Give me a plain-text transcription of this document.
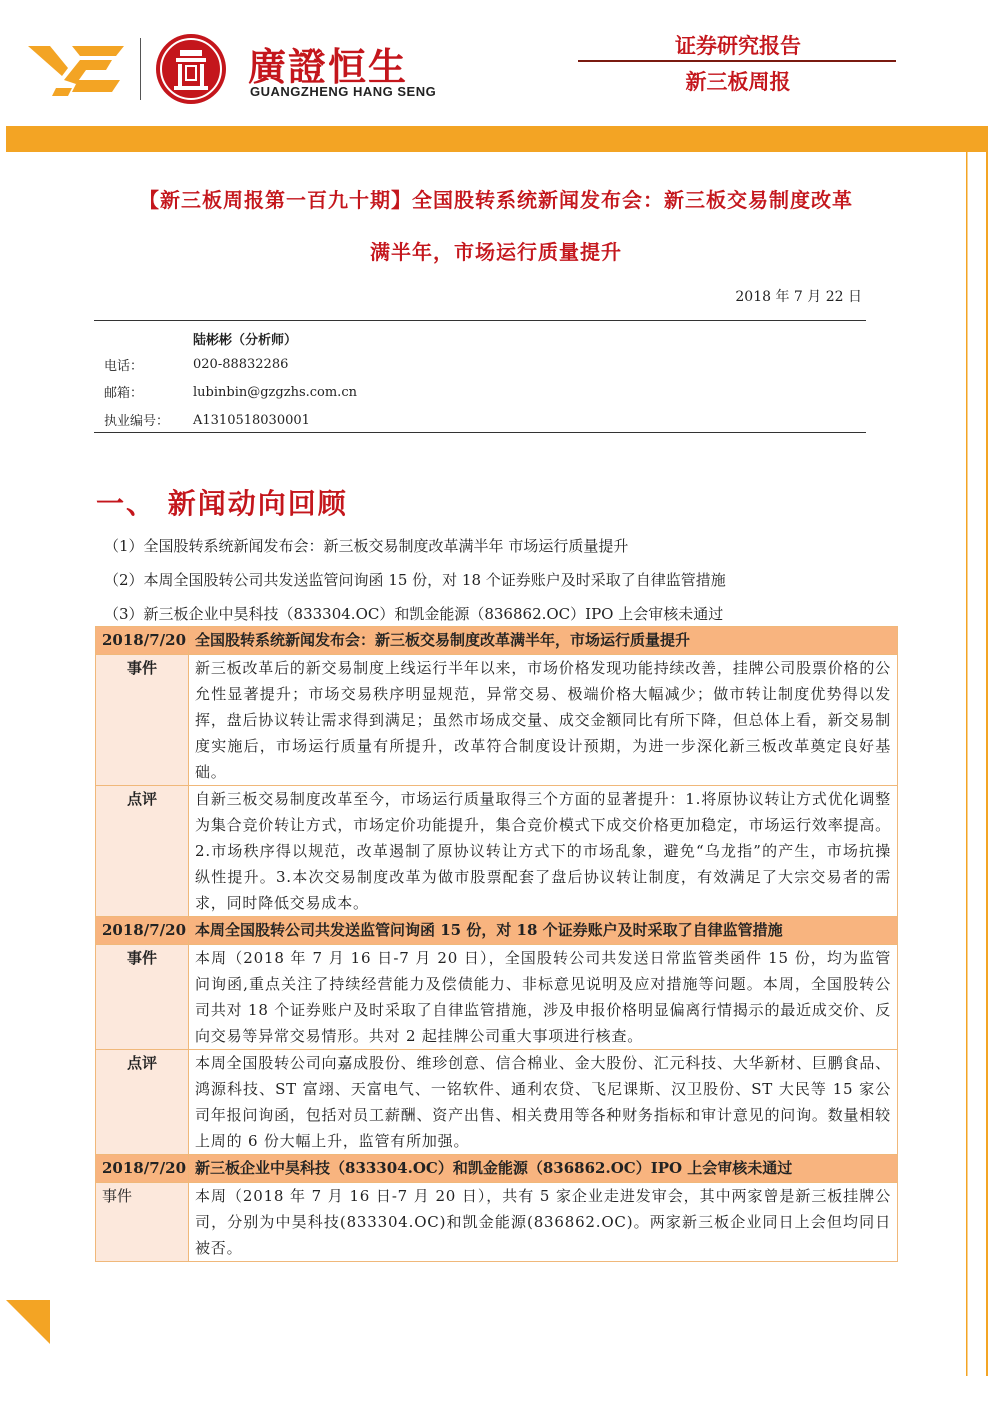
廣證恒生
GUANGZHENG HANG SENG
证券研究报告
新三板周报
【新三板周报第一百九十期】全国股转系统新闻发布会：新三板交易制度改革
满半年，市场运行质量提升
2018 年 7 月 22 日
陆彬彬（分析师）
电话：	020-88832286
邮箱：	lubinbin@gzgzhs.com.cn
执业编号： A1310518030001
一、 新闻动向回顾
（1）全国股转系统新闻发布会：新三板交易制度改革满半年 市场运行质量提升
（2）本周全国股转公司共发送监管问询函 15 份，对 18 个证券账户及时采取了自律监管措施
（3）新三板企业中昊科技（833304.OC）和凯金能源（836862.OC）IPO 上会审核未通过
2018/7/20	全国股转系统新闻发布会：新三板交易制度改革满半年，市场运行质量提升
事件	新三板改革后的新交易制度上线运行半年以来，市场价格发现功能持续改善，挂牌公司股票价格的公允性显著提升；市场交易秩序明显规范，异常交易、极端价格大幅减少；做市转让制度优势得以发挥，盘后协议转让需求得到满足；虽然市场成交量、成交金额同比有所下降，但总体上看，新交易制度实施后，市场运行质量有所提升，改革符合制度设计预期，为进一步深化新三板改革奠定良好基础。
点评	自新三板交易制度改革至今，市场运行质量取得三个方面的显著提升：1.将原协议转让方式优化调整为集合竞价转让方式，市场定价功能提升，集合竞价模式下成交价格更加稳定，市场运行效率提高。2.市场秩序得以规范，改革遏制了原协议转让方式下的市场乱象，避免“乌龙指”的产生，市场抗操纵性提升。3.本次交易制度改革为做市股票配套了盘后协议转让制度，有效满足了大宗交易者的需求，同时降低交易成本。
2018/7/20	本周全国股转公司共发送监管问询函 15 份，对 18 个证券账户及时采取了自律监管措施
事件	本周（2018 年 7 月 16 日-7 月 20 日），全国股转公司共发送日常监管类函件 15 份，均为监管问询函,重点关注了持续经营能力及偿债能力、非标意见说明及应对措施等问题。本周，全国股转公司共对 18 个证券账户及时采取了自律监管措施，涉及申报价格明显偏离行情揭示的最近成交价、反向交易等异常交易情形。共对 2 起挂牌公司重大事项进行核查。
点评	本周全国股转公司向嘉成股份、维珍创意、信合棉业、金大股份、汇元科技、大华新材、巨鹏食品、鸿源科技、ST 富翊、天富电气、一铭软件、通利农贷、飞尼课斯、汉卫股份、ST 大民等 15 家公司年报问询函，包括对员工薪酬、资产出售、相关费用等各种财务指标和审计意见的问询。数量相较上周的 6 份大幅上升，监管有所加强。
2018/7/20	新三板企业中昊科技（833304.OC）和凯金能源（836862.OC）IPO 上会审核未通过
事件	本周（2018 年 7 月 16 日-7 月 20 日），共有 5 家企业走进发审会，其中两家曾是新三板挂牌公司，分别为中昊科技(833304.OC)和凯金能源(836862.OC)。两家新三板企业同日上会但均同日被否。
